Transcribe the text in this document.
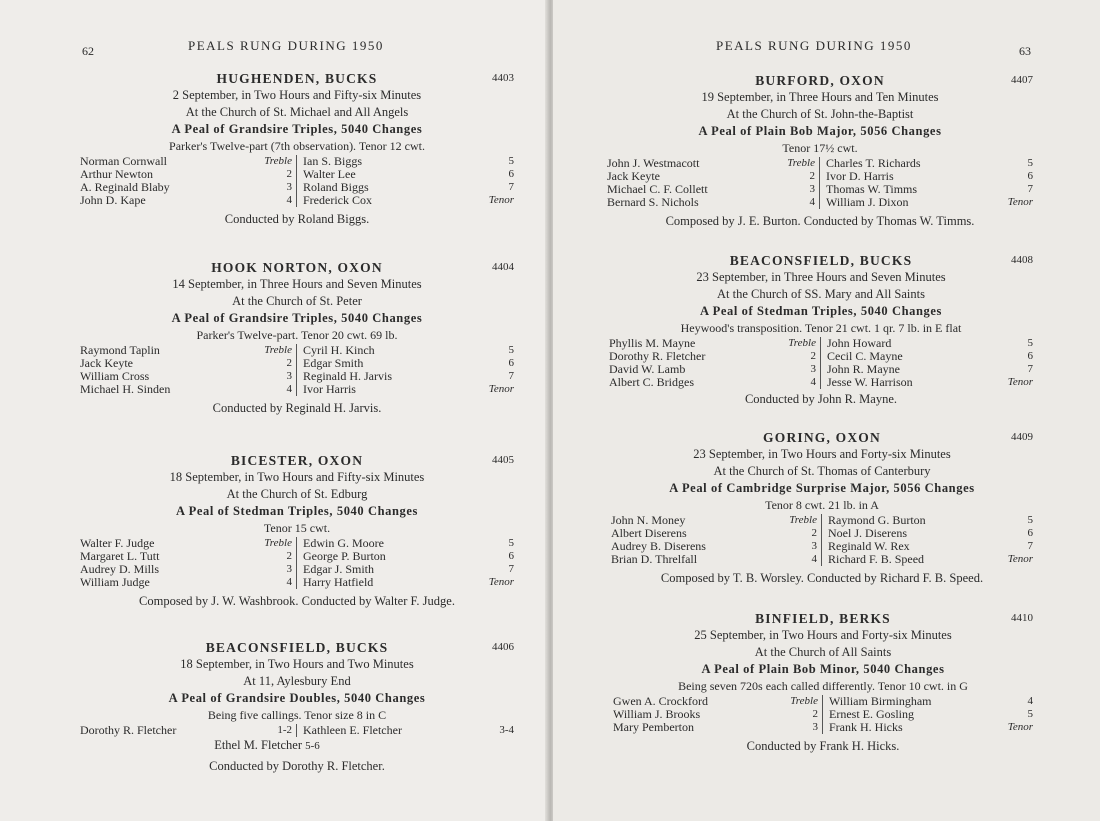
62	PEALS RUNG DURING 1950
HUGHENDEN, BUCKS	4403
2 September, in Two Hours and Fifty-six Minutes
At the Church of St. Michael and All Angels
A Peal of Grandsire Triples, 5040 Changes
Parker's Twelve-part (7th observation). Tenor 12 cwt.
Norman Cornwall	Treble
Arthur Newton	2
A. Reginald Blaby	3
John D. Kape	4
Ian S. Biggs	5
Walter Lee	6
Roland Biggs	7
Frederick Cox	Tenor
Conducted by Roland Biggs.
HOOK NORTON, OXON	4404
14 September, in Three Hours and Seven Minutes
At the Church of St. Peter
A Peal of Grandsire Triples, 5040 Changes
Parker's Twelve-part. Tenor 20 cwt. 69 lb.
Raymond Taplin	Treble
Jack Keyte	2
William Cross	3
Michael H. Sinden	4
Cyril H. Kinch	5
Edgar Smith	6
Reginald H. Jarvis	7
Ivor Harris	Tenor
Conducted by Reginald H. Jarvis.
BICESTER, OXON	4405
18 September, in Two Hours and Fifty-six Minutes
At the Church of St. Edburg
A Peal of Stedman Triples, 5040 Changes
Tenor 15 cwt.
Walter F. Judge	Treble
Margaret L. Tutt	2
Audrey D. Mills	3
William Judge	4
Edwin G. Moore	5
George P. Burton	6
Edgar J. Smith	7
Harry Hatfield	Tenor
Composed by J. W. Washbrook. Conducted by Walter F. Judge.
BEACONSFIELD, BUCKS	4406
18 September, in Two Hours and Two Minutes
At 11, Aylesbury End
A Peal of Grandsire Doubles, 5040 Changes
Being five callings. Tenor size 8 in C
Dorothy R. Fletcher	1-2 Kathleen E. Fletcher	3-4
Ethel M. Fletcher 5-6
Conducted by Dorothy R. Fletcher.
PEALS RUNG DURING 1950	63
BURFORD, OXON	4407
19 September, in Three Hours and Ten Minutes
At the Church of St. John-the-Baptist
A Peal of Plain Bob Major, 5056 Changes
Tenor 17½ cwt.
John J. Westmacott	Treble
Jack Keyte	2
Michael C. F. Collett	3
Bernard S. Nichols	4
Charles T. Richards	5
Ivor D. Harris	6
Thomas W. Timms	7
William J. Dixon	Tenor
Composed by J. E. Burton. Conducted by Thomas W. Timms.
BEACONSFIELD, BUCKS	4408
23 September, in Three Hours and Seven Minutes
At the Church of SS. Mary and All Saints
A Peal of Stedman Triples, 5040 Changes
Heywood's transposition. Tenor 21 cwt. 1 qr. 7 lb. in E flat
Phyllis M. Mayne	Treble
Dorothy R. Fletcher	2
David W. Lamb	3
Albert C. Bridges	4
John Howard	5
Cecil C. Mayne	6
John R. Mayne	7
Jesse W. Harrison	Tenor
Conducted by John R. Mayne.
GORING, OXON	4409
23 September, in Two Hours and Forty-six Minutes
At the Church of St. Thomas of Canterbury
A Peal of Cambridge Surprise Major, 5056 Changes
Tenor 8 cwt. 21 lb. in A
John N. Money	Treble
Albert Diserens	2
Audrey B. Diserens	3
Brian D. Threlfall	4
Raymond G. Burton	5
Noel J. Diserens	6
Reginald W. Rex	7
Richard F. B. Speed	Tenor
Composed by T. B. Worsley. Conducted by Richard F. B. Speed.
BINFIELD, BERKS	4410
25 September, in Two Hours and Forty-six Minutes
At the Church of All Saints
A Peal of Plain Bob Minor, 5040 Changes
Being seven 720s each called differently. Tenor 10 cwt. in G
Gwen A. Crockford	Treble
William J. Brooks	2
Mary Pemberton	3
William Birmingham	4
Ernest E. Gosling	5
Frank H. Hicks	Tenor
Conducted by Frank H. Hicks.
